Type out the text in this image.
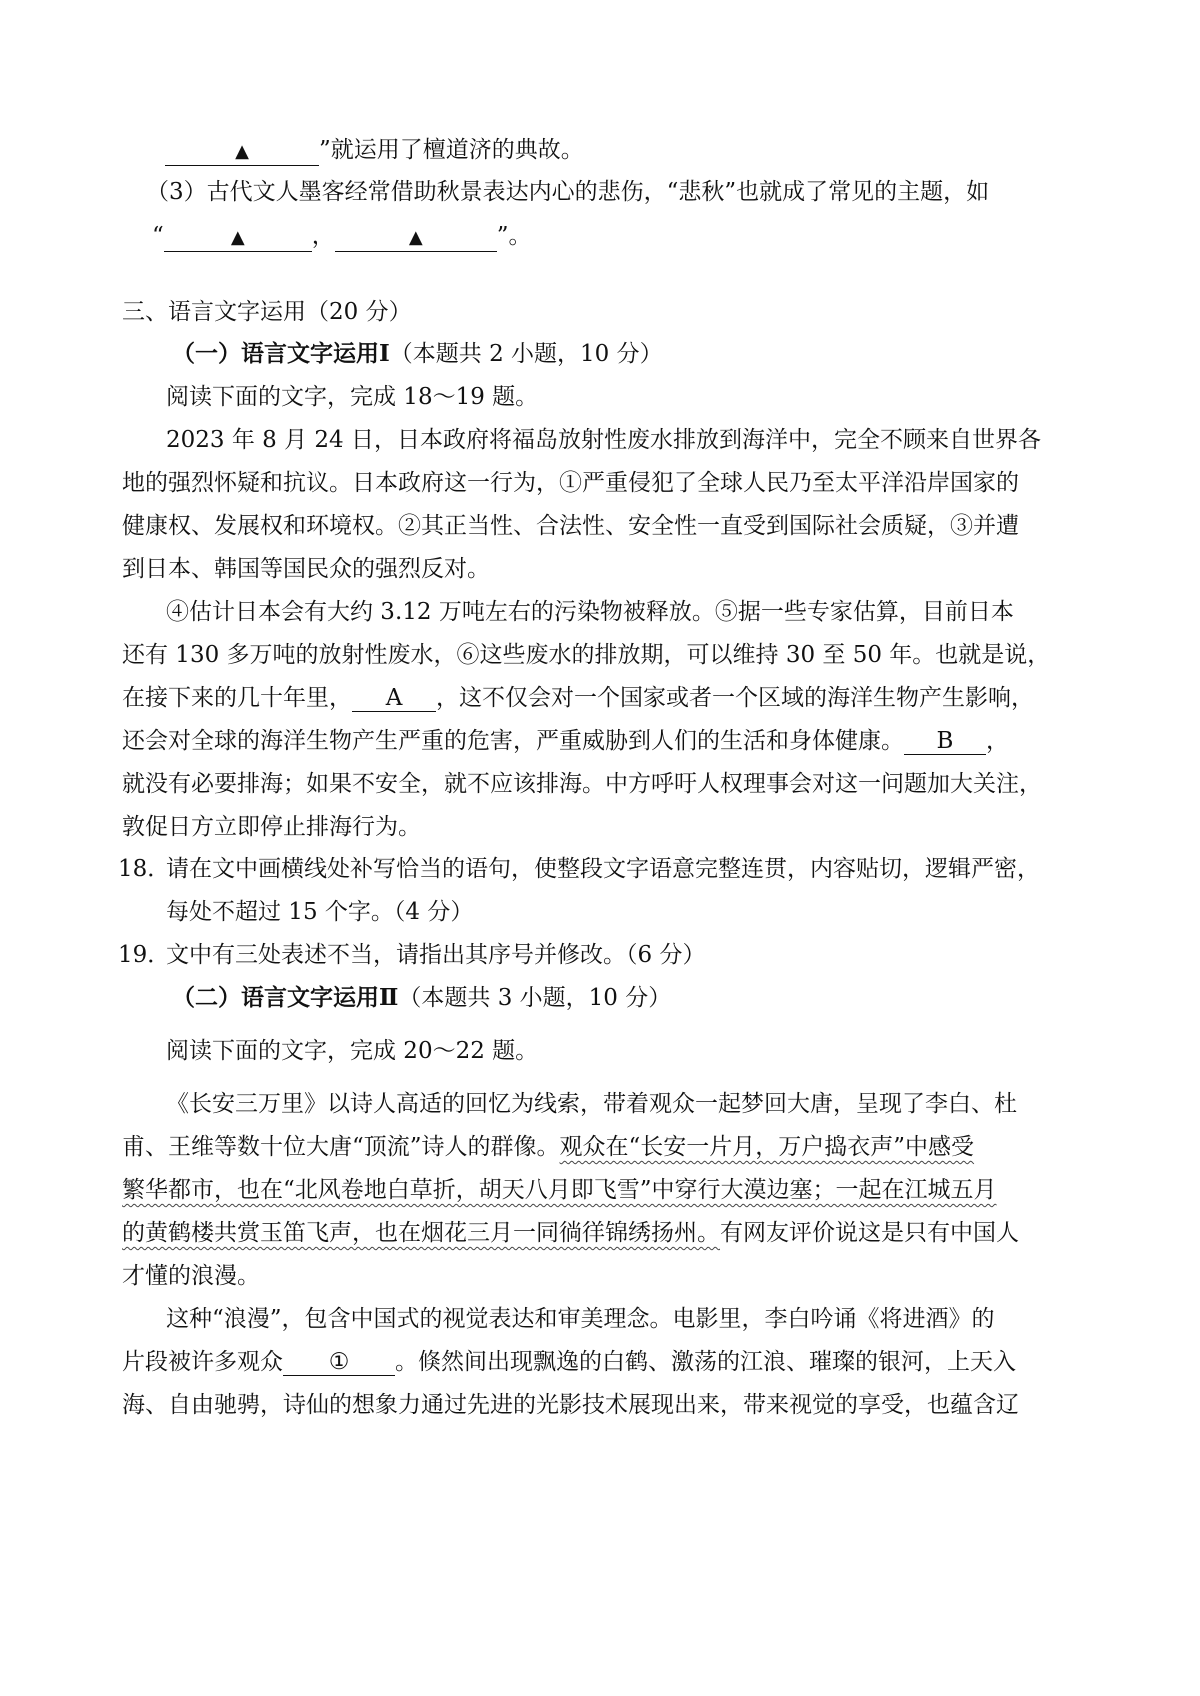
▲	”就运用了檀道济的典故。
（3）古代文人墨客经常借助秋景表达内心的悲伤，“悲秋”也就成了常见的主题，如
“	▲	，	▲	”。
三、语言文字运用（20 分）
（一）语言文字运用Ⅰ（本题共 2 小题，10 分）
阅读下面的文字，完成 18～19 题。
2023 年 8 月 24 日，日本政府将福岛放射性废水排放到海洋中，完全不顾来自世界各
地的强烈怀疑和抗议。日本政府这一行为，①严重侵犯了全球人民乃至太平洋沿岸国家的
健康权、发展权和环境权。②其正当性、合法性、安全性一直受到国际社会质疑，③并遭
到日本、韩国等国民众的强烈反对。
④估计日本会有大约 3.12 万吨左右的污染物被释放。⑤据一些专家估算，目前日本
还有 130 多万吨的放射性废水，⑥这些废水的排放期，可以维持 30 至 50 年。也就是说，
在接下来的几十年里， A ，这不仅会对一个国家或者一个区域的海洋生物产生影响，
还会对全球的海洋生物产生严重的危害，严重威胁到人们的生活和身体健康。 B ，
就没有必要排海；如果不安全，就不应该排海。中方呼吁人权理事会对这一问题加大关注，
敦促日方立即停止排海行为。
18．
请在文中画横线处补写恰当的语句，使整段文字语意完整连贯，内容贴切，逻辑严密，
每处不超过 15 个字。（4 分）
19．
文中有三处表述不当，请指出其序号并修改。（6 分）
（二）语言文字运用Ⅱ（本题共 3 小题，10 分）
阅读下面的文字，完成 20～22 题。
《长安三万里》以诗人高适的回忆为线索，带着观众一起梦回大唐，呈现了李白、杜
甫、王维等数十位大唐“顶流”诗人的群像。观众在“长安一片月，万户捣衣声”中感受
繁华都市，也在“北风卷地白草折，胡天八月即飞雪”中穿行大漠边塞；一起在江城五月
的黄鹤楼共赏玉笛飞声，也在烟花三月一同徜徉锦绣扬州。有网友评价说这是只有中国人
才懂的浪漫。
这种“浪漫”，包含中国式的视觉表达和审美理念。电影里，李白吟诵《将进酒》的
片段被许多观众 ① 。倏然间出现飘逸的白鹤、激荡的江浪、璀璨的银河，上天入
海、自由驰骋，诗仙的想象力通过先进的光影技术展现出来，带来视觉的享受，也蕴含辽
